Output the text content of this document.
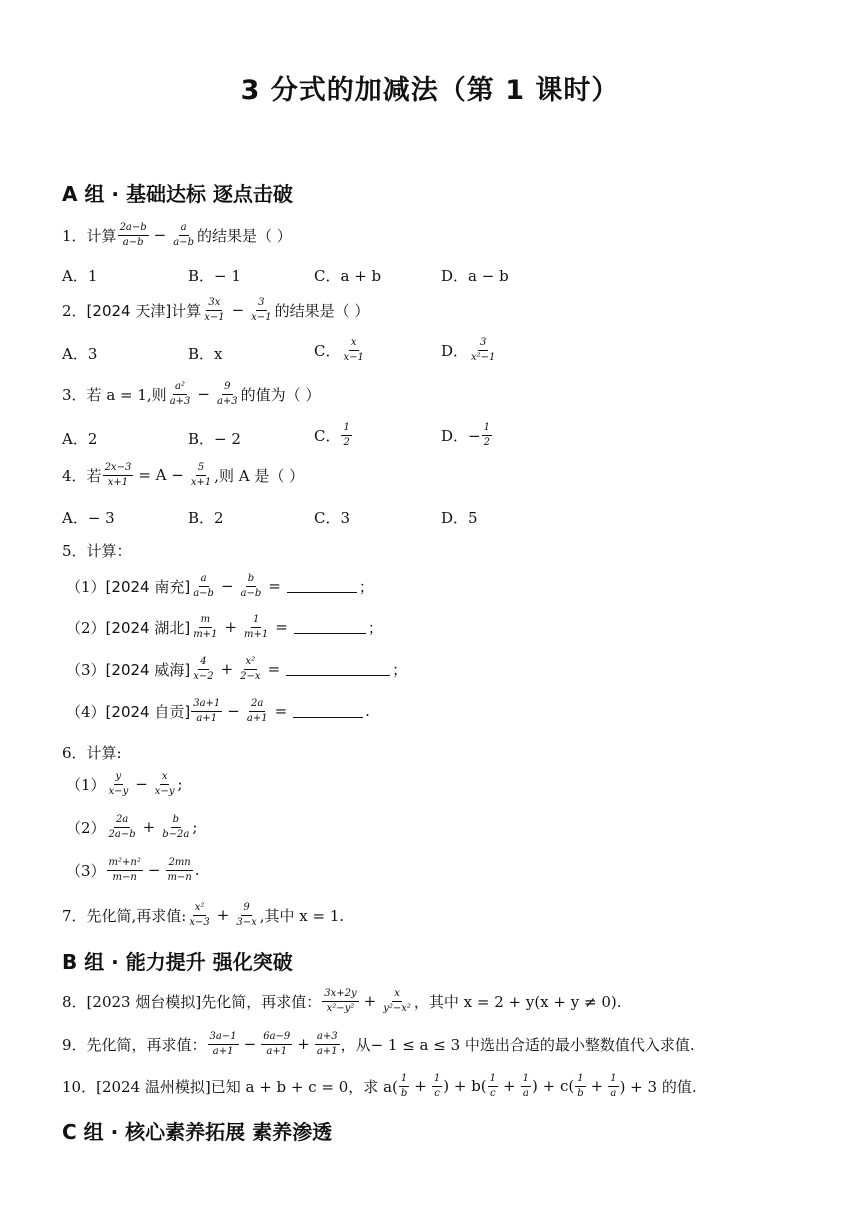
3 分式的加减法（第 1 课时）
A 组 · 基础达标 逐点击破
1． 计算 $\frac{2a-b}{a-b} - \frac{a}{a-b}$ 的结果是（ ）
A．1	B．− 1	C．a + b	D．a − b
2． [2024 天津]计算 $\frac{3x}{x-1} - \frac{3}{x-1}$ 的结果是（ ）
A．3	B．x	C． $\frac{x}{x-1}$	D． $\frac{3}{\text{x²−1}}$
3． 若 a = 1,则 $\frac{\text{a²}}{a+3} - \frac{9}{a+3}$ 的值为（ ）
A．2	B．− 2	C． $\frac{1}{2}$	D．− $\frac{1}{2}$
4． 若 $\frac{2x-3}{x+1} = A - \frac{5}{x+1}$ ,则 A 是（ ）
A．− 3	B．2	C．3	D．5
5．计算：
（1） [2024 南充] $\frac{a}{a-b} - \frac{b}{a-b}$ =	；
（2） [2024 湖北] $\frac{m}{m+1} + \frac{1}{m+1}$ =	；
（3） [2024 威海] $\frac{4}{x-2} + \frac{\text{x²}}{2-x}$ =	；
（4） [2024 自贡] $\frac{3a+1}{a+1} - \frac{2a}{a+1}$ =	.
6．计算:
$(1) \frac{y}{x-y} - \frac{x}{x-y}$ ;
$(2) \frac{2a}{2a-b} + \frac{b}{b-2a}$ ;
$(3) \frac{\text{m²+n²}}{m-n} - \frac{2mn}{m-n}$ .
7．先化简,再求值: $\frac{\text{x²}}{x-3} + \frac{9}{3-x}$ ,其中 x = 1.
B 组 · 能力提升 强化突破
8．[2023 烟台模拟]先化简，再求值： $\frac{3x+2y}{\text{x²−y²}} + \frac{x}{\text{y²−x²}}$ ，其中 x = 2 + y(x + y ≠ 0).
9．先化简，再求值： $\frac{3a-1}{a+1} - \frac{6a-9}{a+1} + \frac{a+3}{a+1}$ ，从− 1 ≤ a ≤ 3 中选出合适的最小整数值代入求值.
10．[2024 温州模拟]已知 a + b + c = 0，求 $a( \frac{1}{b} + \frac{1}{c}$ ) + $b( \frac{1}{c} + \frac{1}{a}$ ) + $c( \frac{1}{b} + \frac{1}{a}$ ) + 3 的值.
C 组 · 核心素养拓展 素养渗透
